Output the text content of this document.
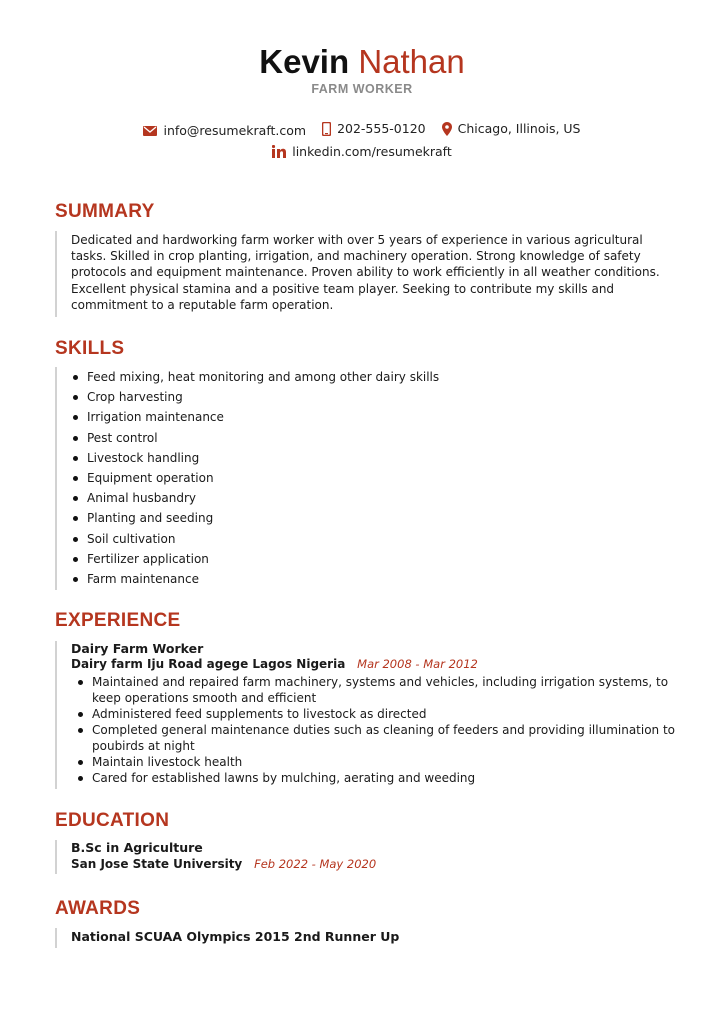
Kevin Nathan
FARM WORKER
info@resumekraft.com
202-555-0120
	Chicago, Illinois, US
linkedin.com/resumekraft
SUMMARY
Dedicated and hardworking farm worker with over 5 years of experience in various agricultural tasks. Skilled in crop planting, irrigation, and machinery operation. Strong knowledge of safety protocols and equipment maintenance. Proven ability to work efficiently in all weather conditions. Excellent physical stamina and a positive team player. Seeking to contribute my skills and commitment to a reputable farm operation.
SKILLS
Feed mixing, heat monitoring and among other dairy skills
Crop harvesting
Irrigation maintenance
Pest control
Livestock handling
Equipment operation
Animal husbandry
Planting and seeding
Soil cultivation
Fertilizer application
Farm maintenance
EXPERIENCE
Dairy Farm Worker
Dairy farm Iju Road agege Lagos Nigeria Mar 2008 - Mar 2012
Maintained and repaired farm machinery, systems and vehicles, including irrigation systems, to keep operations smooth and efficient
Administered feed supplements to livestock as directed
Completed general maintenance duties such as cleaning of feeders and providing illumination to poubirds at night
Maintain livestock health
Cared for established lawns by mulching, aerating and weeding
EDUCATION
B.Sc in Agriculture
San Jose State University Feb 2022 - May 2020
AWARDS
National SCUAA Olympics 2015 2nd Runner Up
